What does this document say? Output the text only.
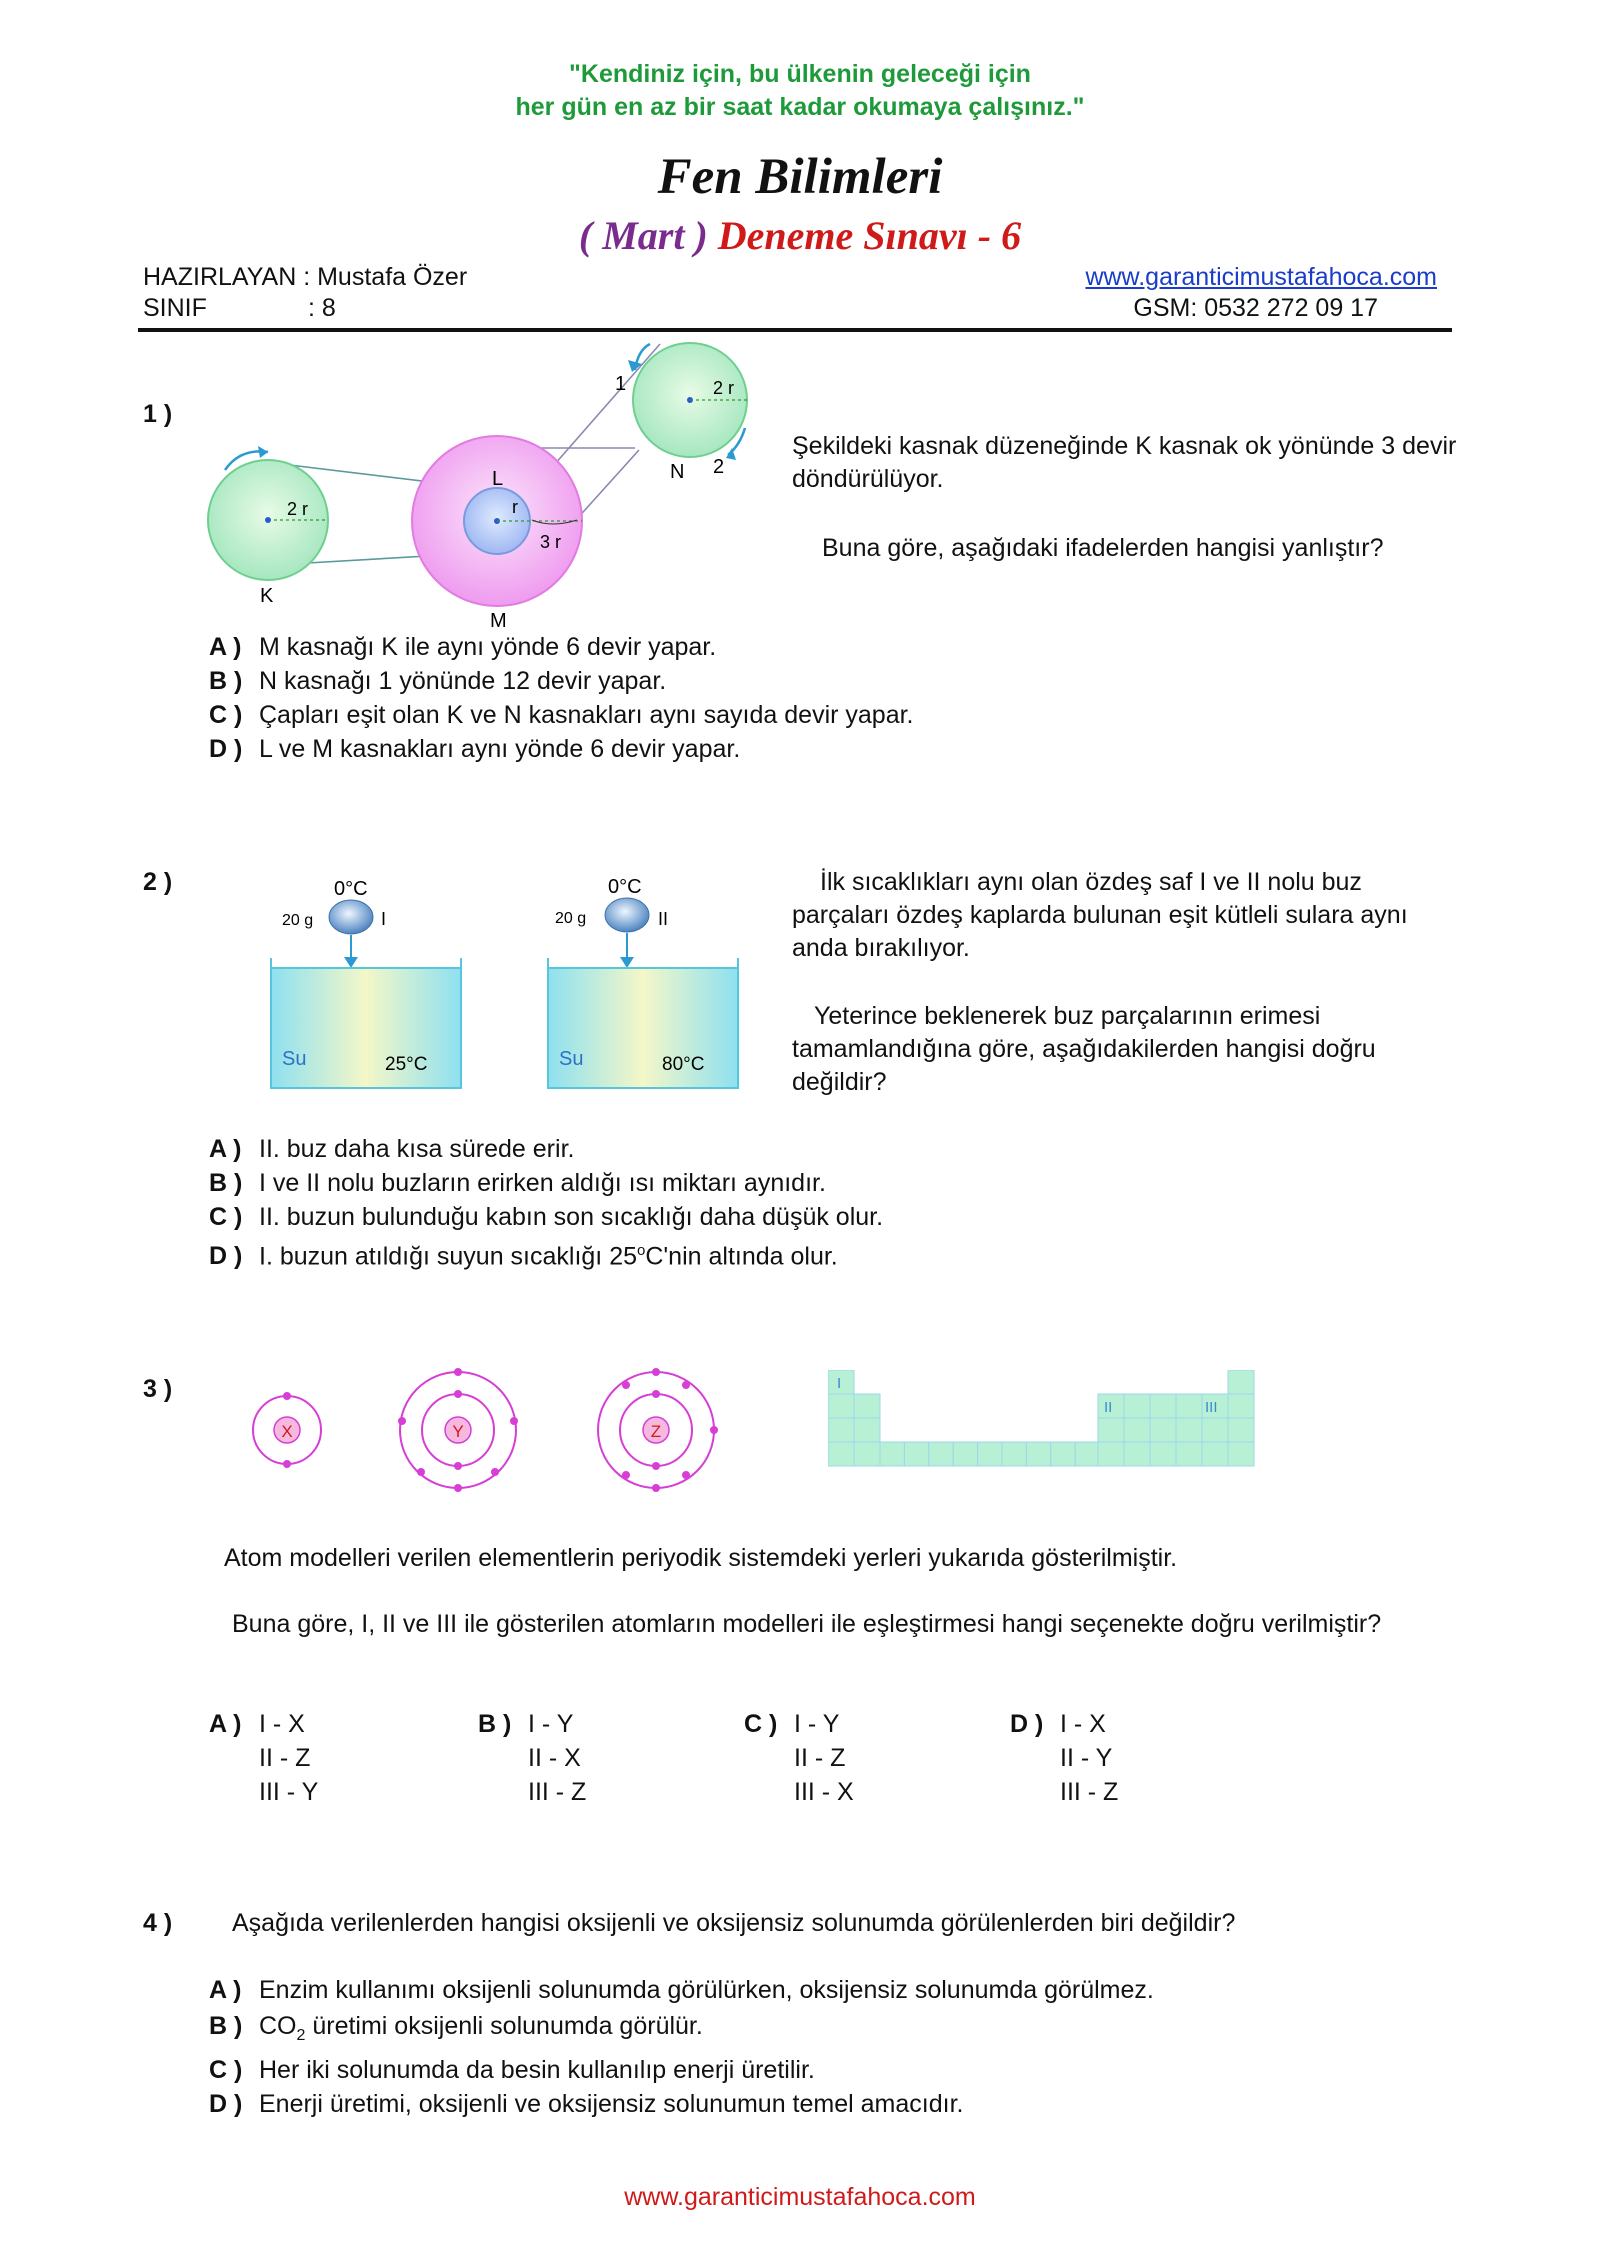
"Kendiniz için, bu ülkenin geleceği için
her gün en az bir saat kadar okumaya çalışınız."
Fen Bilimleri
( Mart ) Deneme Sınavı - 6
HAZIRLAYAN : Mustafa Özer
SINIF	: 8
www.garanticimustafahoca.com
GSM: 0532 272 09 17
1 )
2 r
K
M
L
r
3 r
2 r
N
1
2
Şekildeki kasnak düzeneğinde K kasnak ok yönünde 3 devir döndürülüyor.
Buna göre, aşağıdaki ifadelerden hangisi yanlıştır?
A ) M kasnağı K ile aynı yönde 6 devir yapar.
B ) N kasnağı 1 yönünde 12 devir yapar.
C ) Çapları eşit olan K ve N kasnakları aynı sayıda devir yapar.
D ) L ve M kasnakları aynı yönde 6 devir yapar.
2 )	0°C
20 g	I
Su	25°C
0°C
20 g	II
Su	80°C
İlk sıcaklıkları aynı olan özdeş saf I ve II nolu buz parçaları özdeş kaplarda bulunan eşit kütleli sulara aynı anda bırakılıyor.
Yeterince beklenerek buz parçalarının erimesi tamamlandığına göre, aşağıdakilerden hangisi doğru değildir?
A ) II. buz daha kısa sürede erir.
B ) I ve II nolu buzların erirken aldığı ısı miktarı aynıdır.
C ) II. buzun bulunduğu kabın son sıcaklığı daha düşük olur.
D ) I. buzun atıldığı suyun sıcaklığı 25$^o$C'nin altında olur.
3 )
X	Y	Z
I
II	III
Atom modelleri verilen elementlerin periyodik sistemdeki yerleri yukarıda gösterilmiştir.
Buna göre, I, II ve III ile gösterilen atomların modelleri ile eşleştirmesi hangi seçenekte doğru verilmiştir?
A ) I - X
II - Z
III - Y
B ) I - Y
II - X
III - Z
C ) I - Y
II - Z
III - X
D ) I - X
II - Y
III - Z
4 ) Aşağıda verilenlerden hangisi oksijenli ve oksijensiz solunumda görülenlerden biri değildir?
A ) Enzim kullanımı oksijenli solunumda görülürken, oksijensiz solunumda görülmez.
B ) $CO_2$ üretimi oksijenli solunumda görülür.
C ) Her iki solunumda da besin kullanılıp enerji üretilir.
D ) Enerji üretimi, oksijenli ve oksijensiz solunumun temel amacıdır.
www.garanticimustafahoca.com
